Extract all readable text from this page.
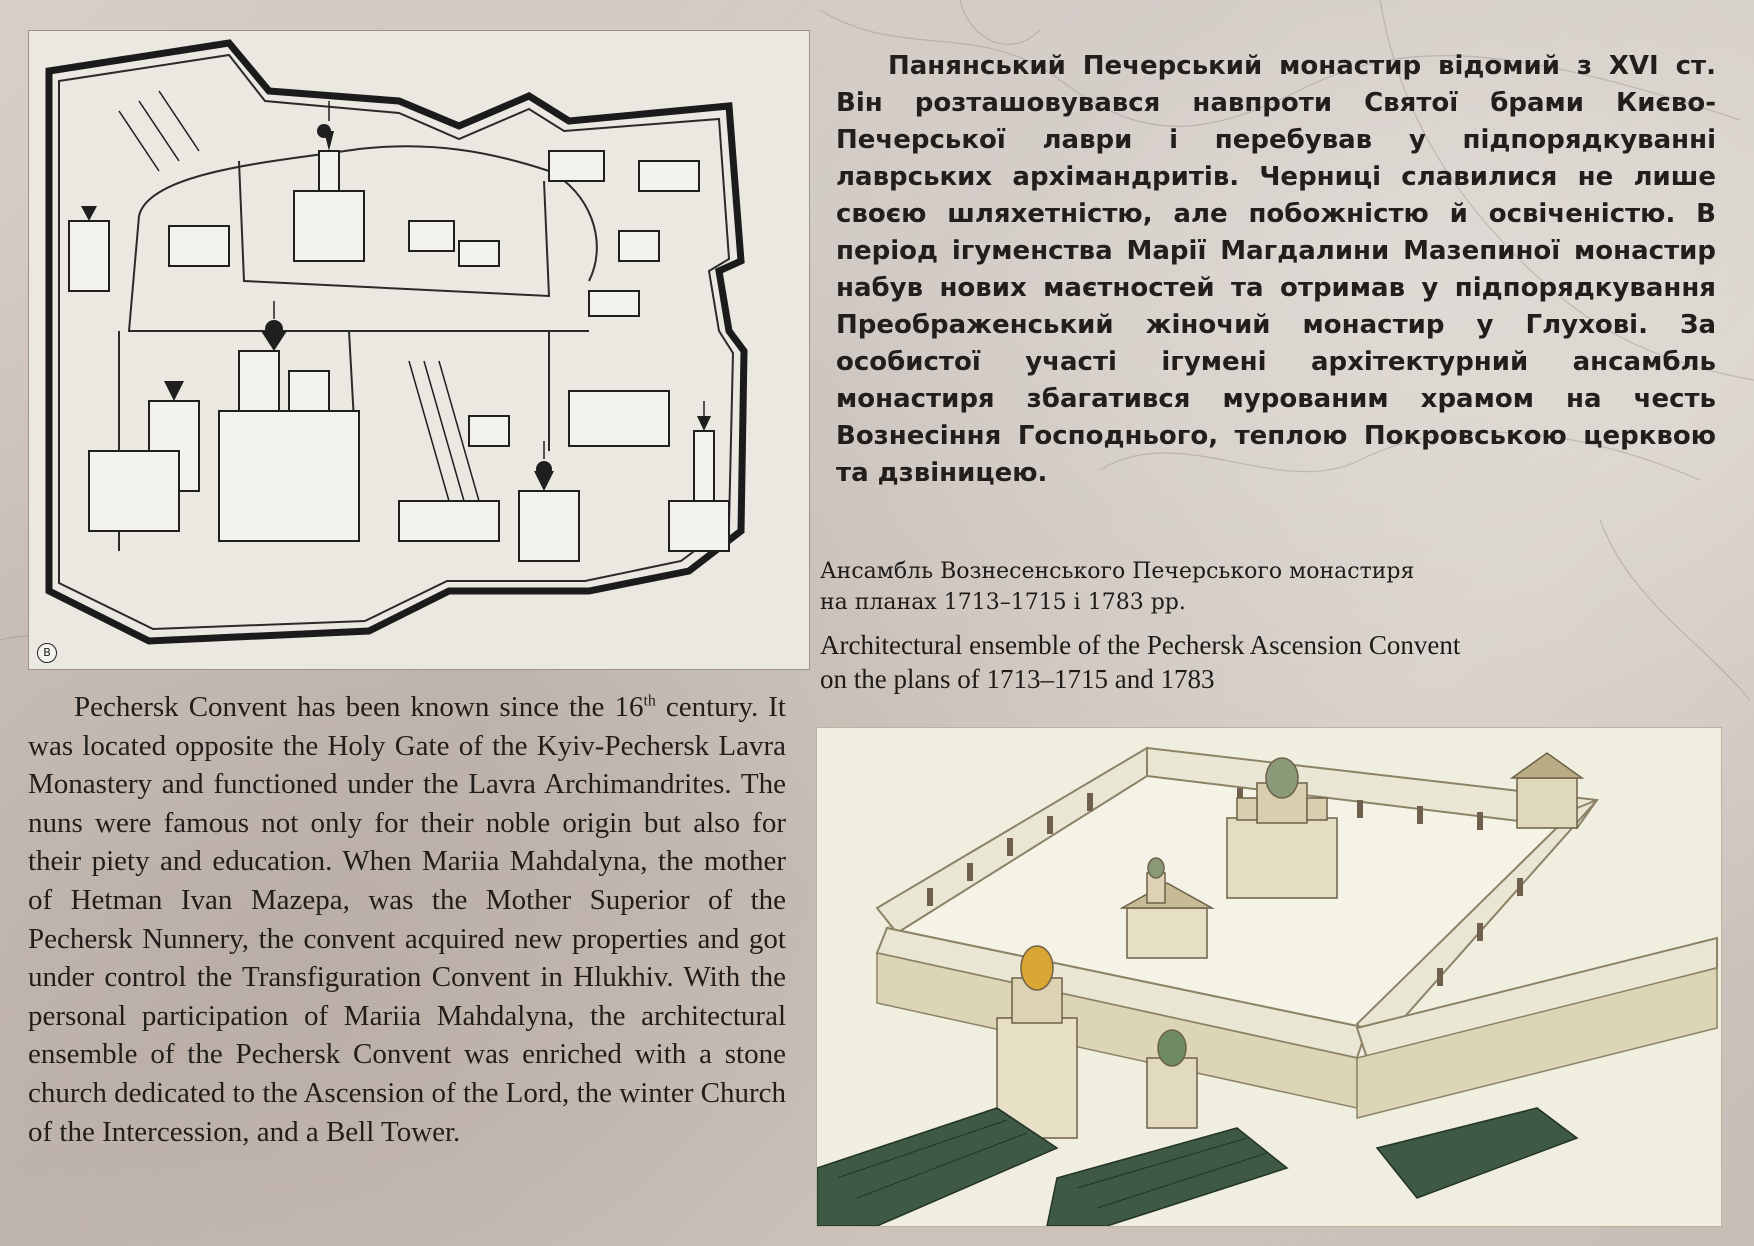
B

Панянський Печерський монастир відомий з XVI ст. Він розташовувався навпроти Святої брами Києво-Печерської лаври і перебував у підпорядкуванні лаврських архімандритів. Черниці славилися не лише своєю шляхетністю, але побожністю й освіченістю. В період ігуменства Марії Магдалини Мазепиної монастир набув нових маєтностей та отримав у підпорядкування Преображенський жіночий монастир у Глухові. За особистої участі ігумені архітектурний ансамбль монастиря збагатився мурованим храмом на честь Вознесіння Господнього, теплою Покровською церквою та дзвіницею.

Ансамбль Вознесенського Печерського монастиря
на планах 1713–1715 і 1783 рр.

Architectural ensemble of the Pechersk Ascension Convent
on the plans of 1713–1715 and 1783

Pechersk Convent has been known since the 16th century. It was located opposite the Holy Gate of the Kyiv-Pechersk Lavra Monastery and functioned under the Lavra Archimandrites. The nuns were famous not only for their noble origin but also for their piety and education. When Mariia Mahdalyna, the mother of Hetman Ivan Mazepa, was the Mother Superior of the Pechersk Nunnery, the convent acquired new properties and got under control the Transfiguration Convent in Hlukhiv. With the personal participation of Mariia Mahdalyna, the architectural ensemble of the Pechersk Convent was enriched with a stone church dedicated to the Ascension of the Lord, the winter Church of the Intercession, and a Bell Tower.
